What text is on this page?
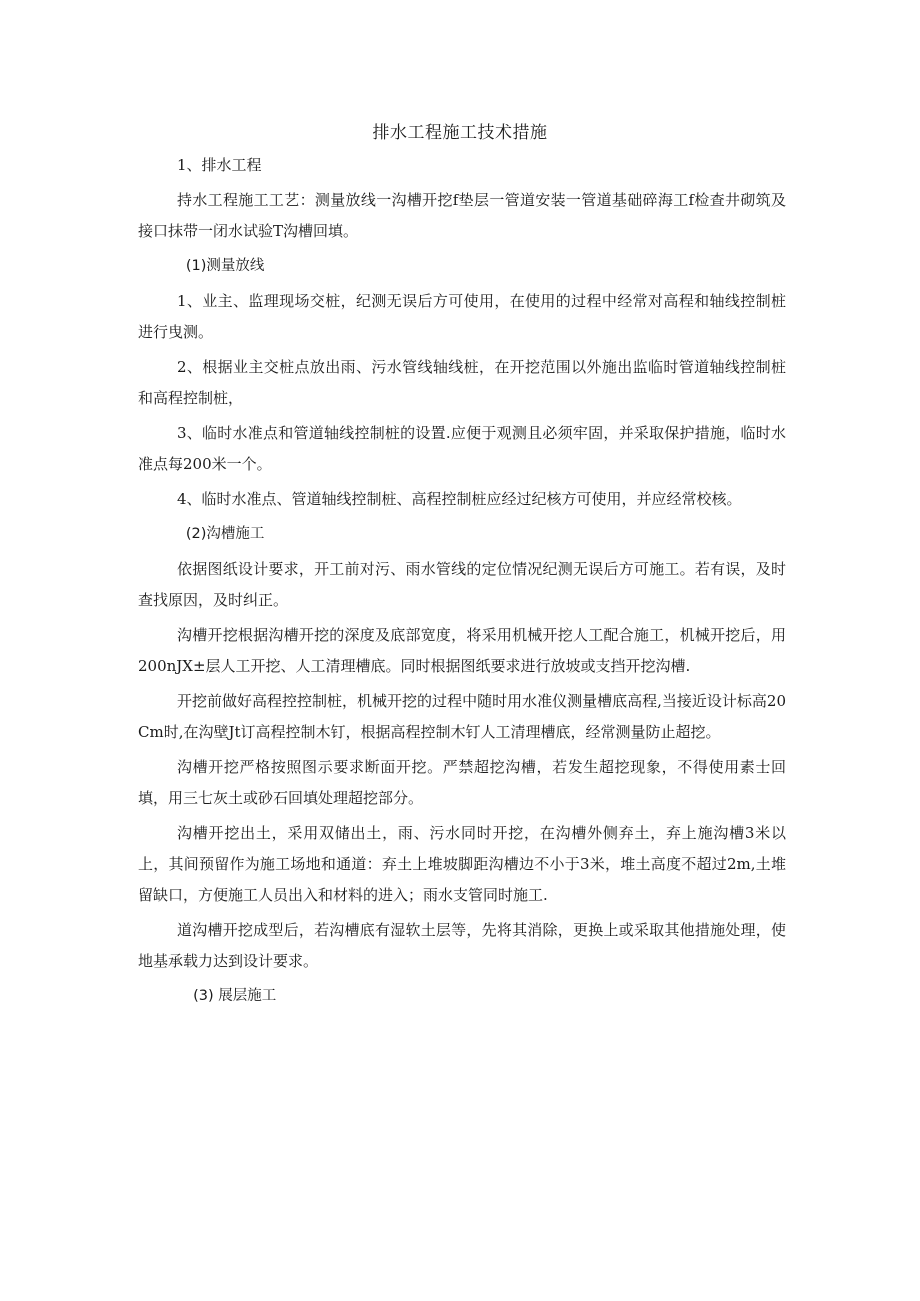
排水工程施工技术措施

1、排水工程

持水工程施工工艺：测量放线一沟槽开挖f垫层一管道安装一管道基础碎海工f检查井砌筑及接口抹带一闭水试验T沟槽回填。

(1)测量放线

1、业主、监理现场交桩，纪测无误后方可使用，在使用的过程中经常对高程和轴线控制桩进行曳测。

2、根据业主交桩点放出雨、污水管线轴线桩，在开挖范围以外施出监临时管道轴线控制桩和高程控制桩，

3、临时水准点和管道轴线控制桩的设置.应便于观测且必须牢固，并采取保护措施，临时水准点每200米一个。

4、临时水准点、管道轴线控制桩、高程控制桩应经过纪核方可使用，并应经常校核。

(2)沟槽施工

依据图纸设计要求，开工前对污、雨水管线的定位情况纪测无误后方可施工。若有误，及时查找原因，及时纠正。

沟槽开挖根据沟槽开挖的深度及底部宽度，将采用机械开挖人工配合施工，机械开挖后，用200nJX±层人工开挖、人工清理槽底。同时根据图纸要求进行放坡或支挡开挖沟槽.

开挖前做好高程控控制桩，机械开挖的过程中随时用水准仪测量槽底高程,当接近设计标高20Cm时,在沟壁Jt订高程控制木钉，根据高程控制木钉人工清理槽底，经常测量防止超挖。

沟槽开挖严格按照图示要求断面开挖。严禁超挖沟槽，若发生超挖现象，不得使用素士回填，用三七灰土或砂石回填处理超挖部分。

沟槽开挖出土，采用双储出土，雨、污水同时开挖，在沟槽外侧弃土，弃上施沟槽3米以上，其间预留作为施工场地和通道：弃土上堆坡脚距沟槽边不小于3米，堆土高度不超过2m,土堆留缺口，方便施工人员出入和材料的进入；雨水支管同时施工.

道沟槽开挖成型后，若沟槽底有湿软土层等，先将其消除，更换上或采取其他措施处理，使地基承载力达到设计要求。

(3) 展层施工
